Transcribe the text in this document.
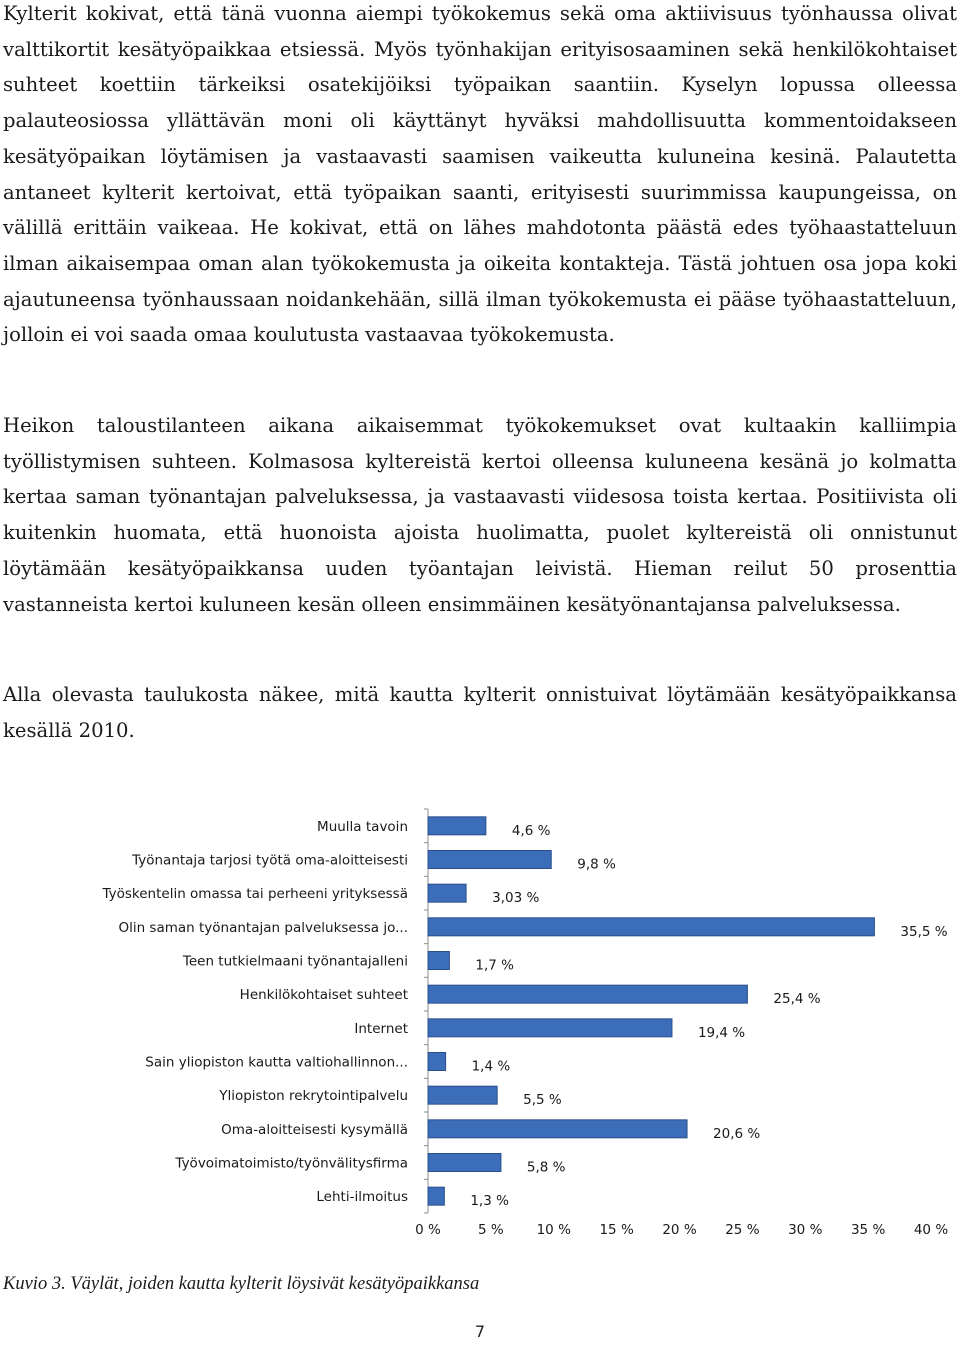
Kylterit kokivat, että tänä vuonna aiempi työkokemus sekä oma aktiivisuus työnhaussa olivat valttikortit kesätyöpaikkaa etsiessä. Myös työnhakijan erityisosaaminen sekä henkilökohtaiset suhteet koettiin tärkeiksi osatekijöiksi työpaikan saantiin. Kyselyn lopussa olleessa palauteosiossa yllättävän moni oli käyttänyt hyväksi mahdollisuutta kommentoidakseen kesätyöpaikan löytämisen ja vastaavasti saamisen vaikeutta kuluneina kesinä. Palautetta antaneet kylterit kertoivat, että työpaikan saanti, erityisesti suurimmissa kaupungeissa, on välillä erittäin vaikeaa. He kokivat, että on lähes mahdotonta päästä edes työhaastatteluun ilman aikaisempaa oman alan työkokemusta ja oikeita kontakteja. Tästä johtuen osa jopa koki ajautuneensa työnhaussaan noidankehään, sillä ilman työkokemusta ei pääse työhaastatteluun, jolloin ei voi saada omaa koulutusta vastaavaa työkokemusta.

Heikon taloustilanteen aikana aikaisemmat työkokemukset ovat kultaakin kalliimpia työllistymisen suhteen. Kolmasosa kyltereistä kertoi olleensa kuluneena kesänä jo kolmatta kertaa saman työnantajan palveluksessa, ja vastaavasti viidesosa toista kertaa. Positiivista oli kuitenkin huomata, että huonoista ajoista huolimatta, puolet kyltereistä oli onnistunut löytämään kesätyöpaikkansa uuden työantajan leivistä. Hieman reilut 50 prosenttia vastanneista kertoi kuluneen kesän olleen ensimmäinen kesätyönantajansa palveluksessa.

Alla olevasta taulukosta näkee, mitä kautta kylterit onnistuivat löytämään kesätyöpaikkansa kesällä 2010.

Muulla tavoin	4,6 %
Työnantaja tarjosi työtä oma-aloitteisesti	9,8 %
Työskentelin omassa tai perheeni yrityksessä	3,03 %
Olin saman työnantajan palveluksessa jo...	35,5 %
Teen tutkielmaani työnantajalleni	1,7 %
Henkilökohtaiset suhteet	25,4 %
Internet	19,4 %
Sain yliopiston kautta valtiohallinnon...	1,4 %
Yliopiston rekrytointipalvelu	5,5 %
Oma-aloitteisesti kysymällä	20,6 %
Työvoimatoimisto/työnvälitysfirma	5,8 %
Lehti-ilmoitus	1,3 %
0 %	5 % 10 % 15 % 20 % 25 % 30 % 35 % 40 %

Kuvio 3. Väylät, joiden kautta kylterit löysivät kesätyöpaikkansa

7
